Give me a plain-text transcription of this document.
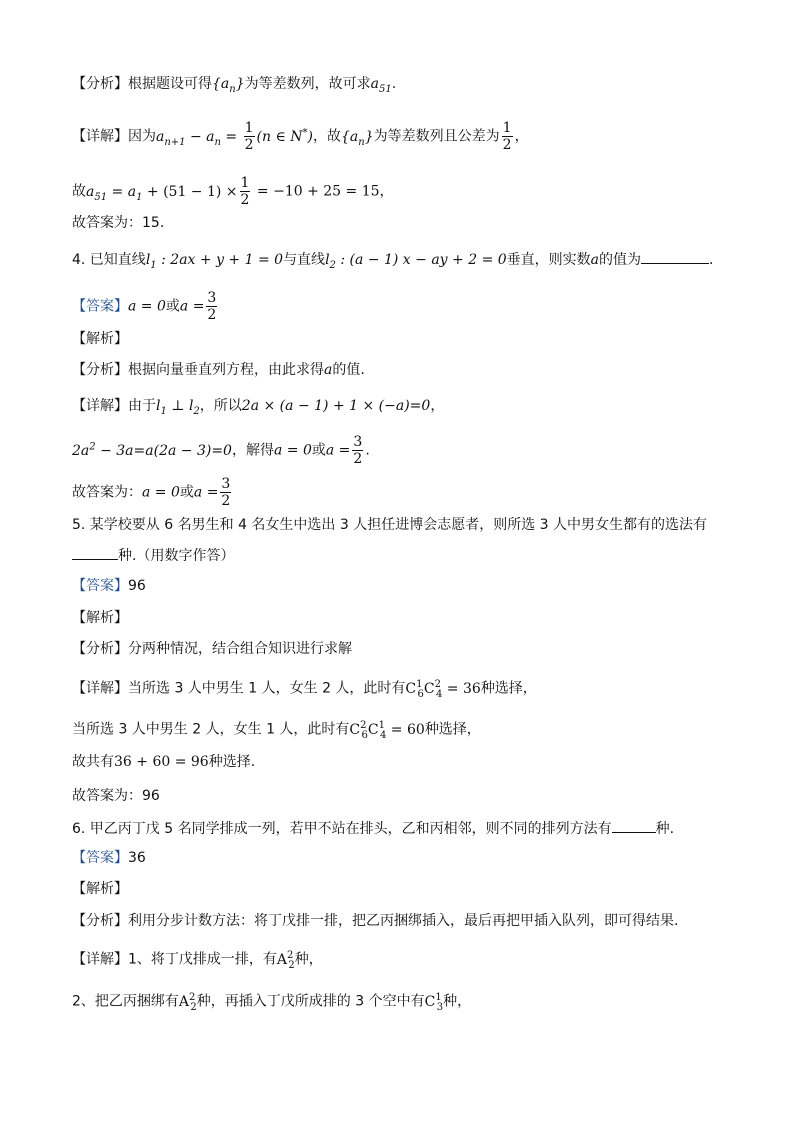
【分析】根据题设可得$\{a_n\}$为等差数列，故可求$a_{51}$.
【详解】因为$a_{n+1} - a_n = \frac{1}{2} (n$ ∈ N*)，故$\{a_n\}$为等差数列且公差为 $\frac{1}{2}$ ，
故$a_{51} = a_1 + (51 - 1) \times \frac{1}{2} = -10 + 25 = 15$，
故答案为：15.
4. 已知直线$l_1$ : 2ax + y + 1 = 0与直线$l_2$ : (a − 1) x − ay + 2 = 0垂直，则实数a的值为	.
【答案】a = 0或$a = \frac{3}{2}$
【解析】
【分析】根据向量垂直列方程，由此求得a的值.
【详解】由于$l_1$ ⊥ $l_2$，所以2a × (a − 1) + 1 × (−a)=0，
$2a^2 - 3a=a(2a - 3)=0$，解得a = 0或$a = \frac{3}{2}$ .
故答案为：a = 0或$a = \frac{3}{2}$
5. 某学校要从 6 名男生和 4 名女生中选出 3 人担任进博会志愿者，则所选 3 人中男女生都有的选法有
种.（用数字作答）
【答案】96
【解析】
【分析】分两种情况，结合组合知识进行求解
【详解】当所选 3 人中男生 1 人，女生 2 人，此时有$C^1_6C^2_4 = 36$种选择，
当所选 3 人中男生 2 人，女生 1 人，此时有$C^2_6C^1_4 = 60$种选择，
故共有36 + 60 = 96种选择.
故答案为：96
6. 甲乙丙丁戊 5 名同学排成一列，若甲不站在排头，乙和丙相邻，则不同的排列方法有	种.
【答案】36
【解析】
【分析】利用分步计数方法：将丁戊排一排，把乙丙捆绑插入，最后再把甲插入队列，即可得结果.
【详解】1、将丁戊排成一排，有$A^2_2$种，
2、把乙丙捆绑有$A^2_2$种，再插入丁戊所成排的 3 个空中有$C^1_3$种，
